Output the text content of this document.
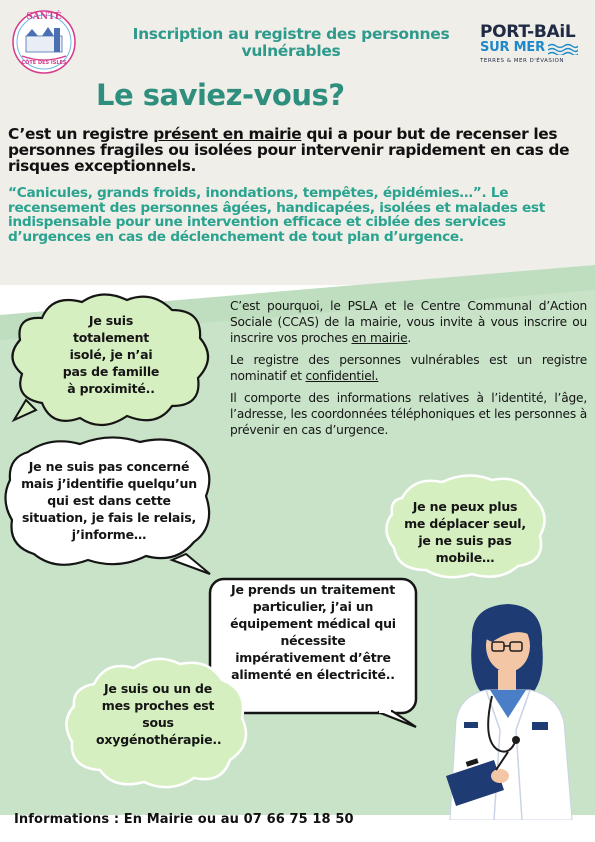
SANTÉ
CÔTE DES ISLES
Inscription au registre des personnes vulnérables
PORT-BAiL
SUR MER
TERRES & MER D'ÉVASION
Le saviez-vous?
C’est un registre présent en mairie qui a pour but de recenser les personnes fragiles ou isolées pour intervenir rapidement en cas de risques exceptionnels.
“Canicules, grands froids, inondations, tempêtes, épidémies…”. Le recensement des personnes âgées, handicapées, isolées et malades est indispensable pour une intervention efficace et ciblée des services d’urgences en cas de déclenchement de tout plan d’urgence.

C’est pourquoi, le PSLA et le Centre Communal d’Action Sociale (CCAS) de la mairie, vous invite à vous inscrire ou inscrire vos proches en mairie.

Le registre des personnes vulnérables est un registre nominatif et confidentiel.

Il comporte des informations relatives à l’identité, l’âge, l’adresse, les coordonnées téléphoniques et les personnes à prévenir en cas d’urgence.

Je suis totalement isolé, je n’ai pas de famille à proximité..
Je ne suis pas concerné mais j’identifie quelqu’un qui est dans cette situation, je fais le relais, j’informe…
Je ne peux plus me déplacer seul, je ne suis pas mobile…
Je prends un traitement particulier, j’ai un équipement médical qui nécessite impérativement d’être alimenté en électricité..
Je suis ou un de mes proches est sous oxygénothérapie..
Informations : En Mairie ou au 07 66 75 18 50
